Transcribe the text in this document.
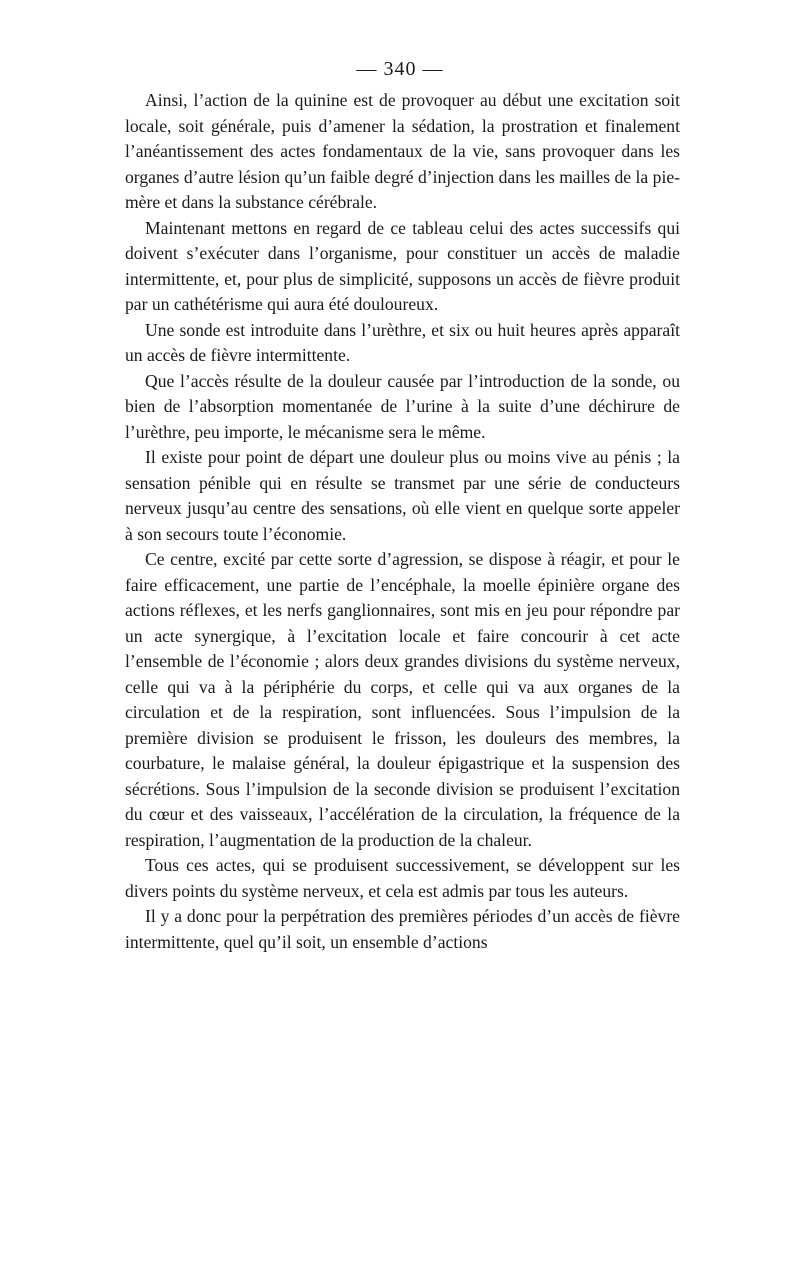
— 340 —

Ainsi, l’action de la quinine est de provoquer au début une excitation soit locale, soit générale, puis d’amener la sédation, la prostration et finalement l’anéantissement des actes fondamentaux de la vie, sans provoquer dans les organes d’autre lésion qu’un faible degré d’injection dans les mailles de la pie-mère et dans la substance cérébrale.

Maintenant mettons en regard de ce tableau celui des actes successifs qui doivent s’exécuter dans l’organisme, pour constituer un accès de maladie intermittente, et, pour plus de simplicité, supposons un accès de fièvre produit par un cathétérisme qui aura été douloureux.

Une sonde est introduite dans l’urèthre, et six ou huit heures après apparaît un accès de fièvre intermittente.

Que l’accès résulte de la douleur causée par l’introduction de la sonde, ou bien de l’absorption momentanée de l’urine à la suite d’une déchirure de l’urèthre, peu importe, le mécanisme sera le même.

Il existe pour point de départ une douleur plus ou moins vive au pénis ; la sensation pénible qui en résulte se transmet par une série de conducteurs nerveux jusqu’au centre des sensations, où elle vient en quelque sorte appeler à son secours toute l’économie.

Ce centre, excité par cette sorte d’agression, se dispose à réagir, et pour le faire efficacement, une partie de l’encéphale, la moelle épinière organe des actions réflexes, et les nerfs ganglionnaires, sont mis en jeu pour répondre par un acte synergique, à l’excitation locale et faire concourir à cet acte l’ensemble de l’économie ; alors deux grandes divisions du système nerveux, celle qui va à la périphérie du corps, et celle qui va aux organes de la circulation et de la respiration, sont influencées. Sous l’impulsion de la première division se produisent le frisson, les douleurs des membres, la courbature, le malaise général, la douleur épigastrique et la suspension des sécrétions. Sous l’impulsion de la seconde division se produisent l’excitation du cœur et des vaisseaux, l’accélération de la circulation, la fréquence de la respiration, l’augmentation de la production de la chaleur.

Tous ces actes, qui se produisent successivement, se développent sur les divers points du système nerveux, et cela est admis par tous les auteurs.

Il y a donc pour la perpétration des premières périodes d’un accès de fièvre intermittente, quel qu’il soit, un ensemble d’actions
